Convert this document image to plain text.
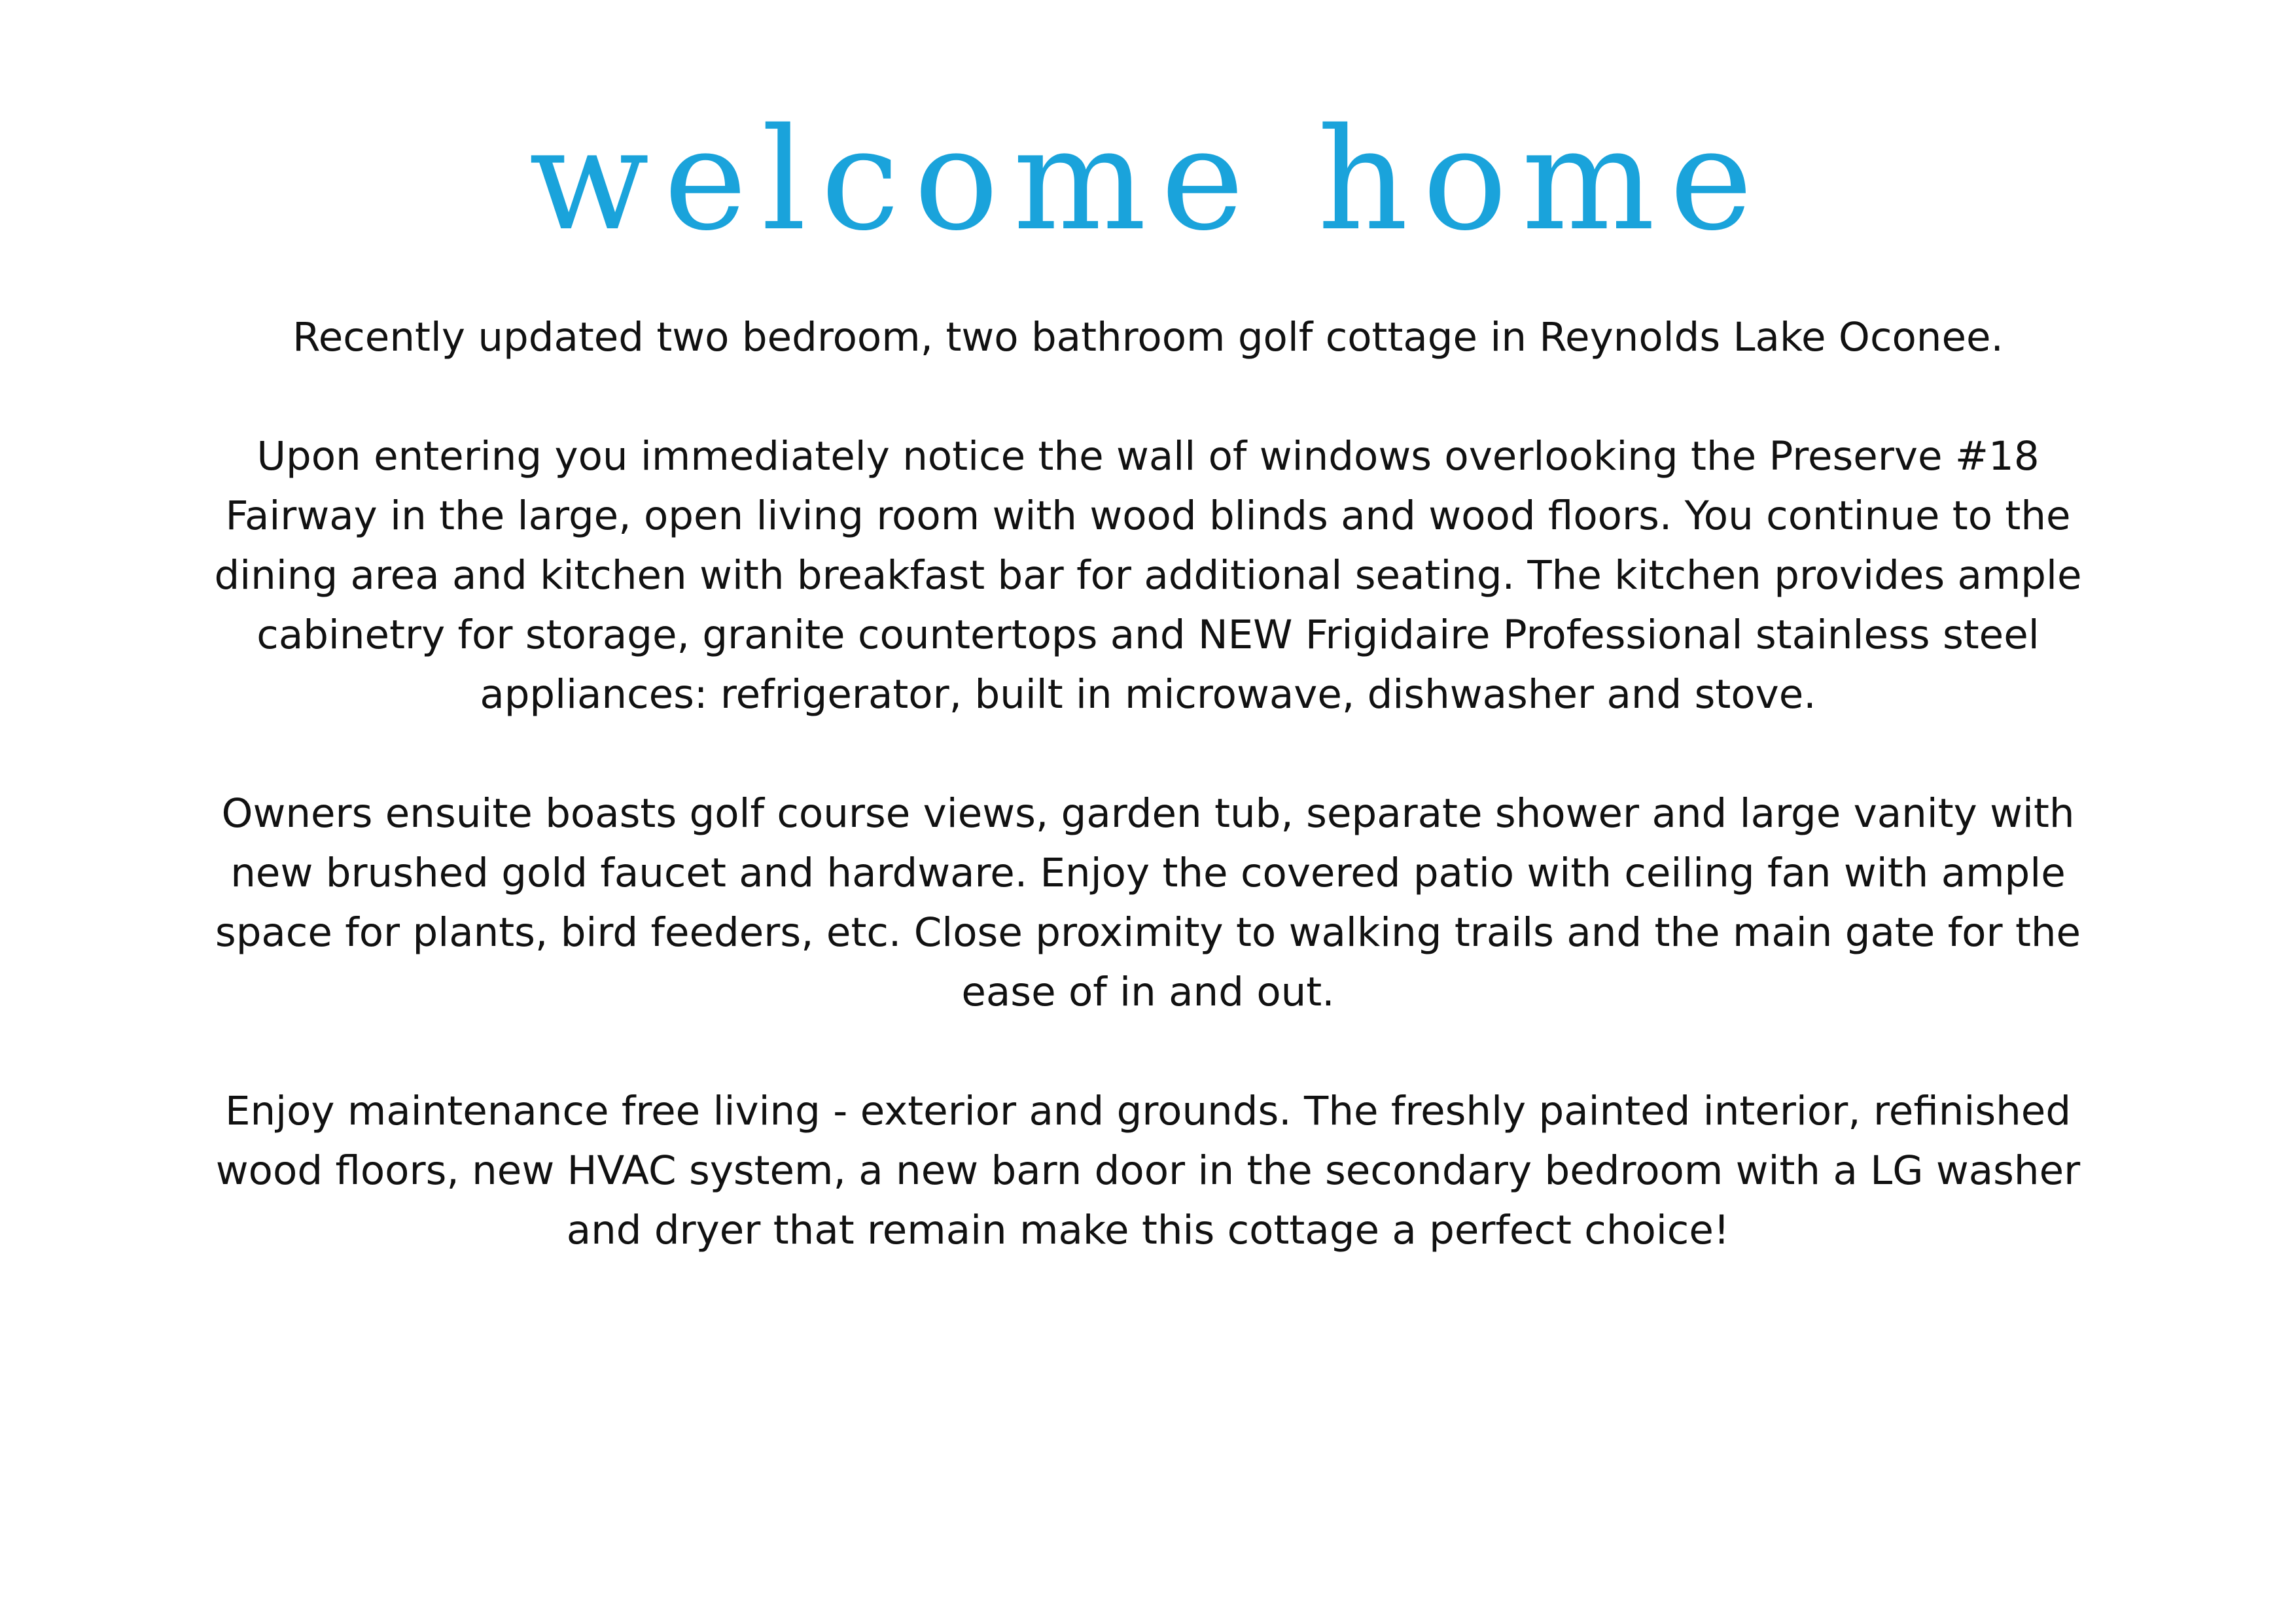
welcome home

Recently updated two bedroom, two bathroom golf cottage in Reynolds Lake Oconee.

Upon entering you immediately notice the wall of windows overlooking the Preserve #18 Fairway in the large, open living room with wood blinds and wood floors. You continue to the dining area and kitchen with breakfast bar for additional seating. The kitchen provides ample cabinetry for storage, granite countertops and NEW Frigidaire Professional stainless steel appliances: refrigerator, built in microwave, dishwasher and stove.

Owners ensuite boasts golf course views, garden tub, separate shower and large vanity with new brushed gold faucet and hardware. Enjoy the covered patio with ceiling fan with ample space for plants, bird feeders, etc. Close proximity to walking trails and the main gate for the ease of in and out.

Enjoy maintenance free living - exterior and grounds. The freshly painted interior, refinished wood floors, new HVAC system, a new barn door in the secondary bedroom with a LG washer and dryer that remain make this cottage a perfect choice!
